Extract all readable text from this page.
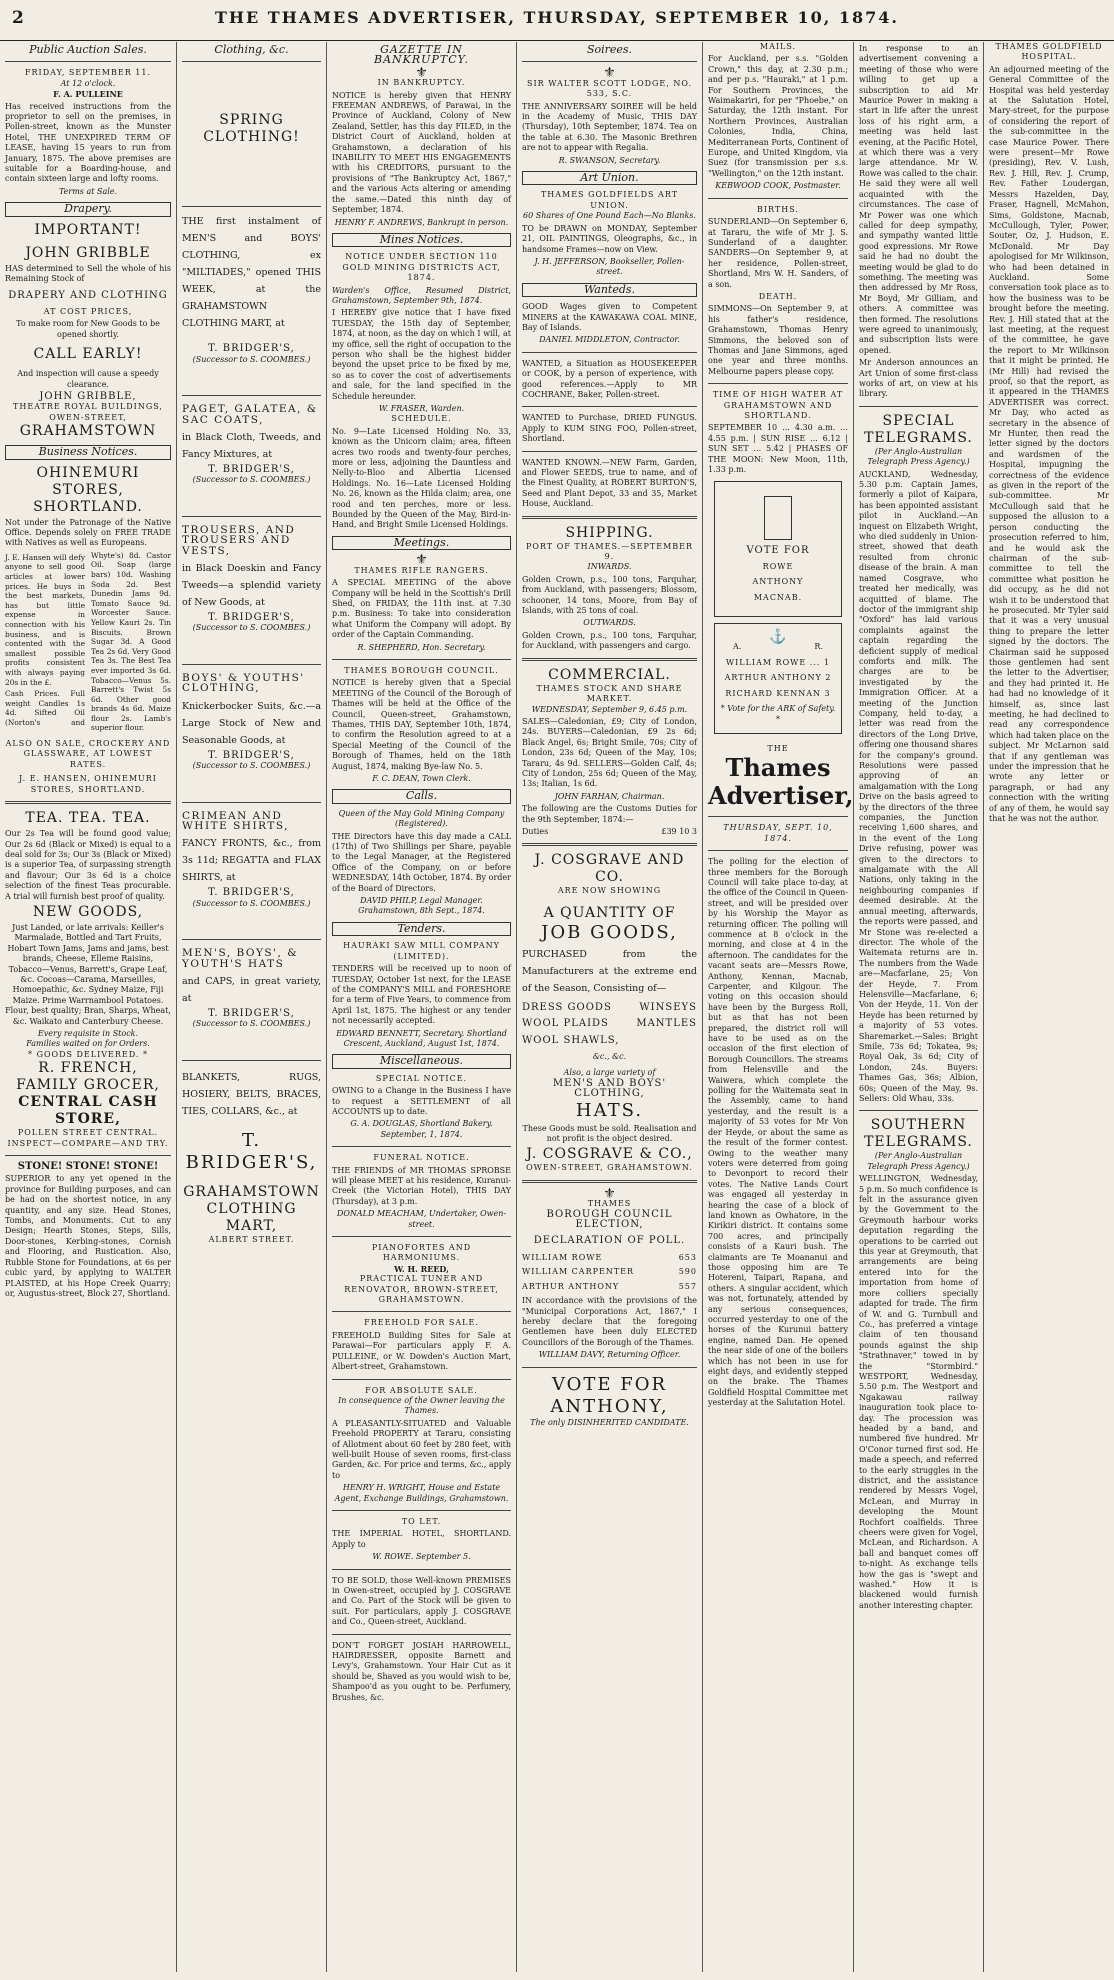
2	THE THAMES ADVERTISER, THURSDAY, SEPTEMBER 10, 1874.
Public Auction Sales.
FRIDAY, SEPTEMBER 11.
At 12 o'clock.
F. A. PULLEINE

Has received instructions from the proprietor to sell on the premises, in Pollen-street, known as the Munster Hotel, THE UNEXPIRED TERM OF LEASE, having 15 years to run from January, 1875. The above premises are suitable for a Boarding-house, and contain sixteen large and lofty rooms.

Terms at Sale.
Drapery.
IMPORTANT!
JOHN GRIBBLE

HAS determined to Sell the whole of his Remaining Stock of

DRAPERY AND CLOTHING
AT COST PRICES,

To make room for New Goods to be opened shortly.

CALL EARLY!

And inspection will cause a speedy clearance.

JOHN GRIBBLE,
THEATRE ROYAL BUILDINGS,
OWEN-STREET,
GRAHAMSTOWN
Business Notices.
OHINEMURI STORES, SHORTLAND.

Not under the Patronage of the Native Office. Depends solely on FREE TRADE with Natives as well as Europeans.

J. E. Hansen will defy anyone to sell good articles at lower prices. He buys in the best markets, has but little expense in connection with his business, and is contented with the smallest possible profits consistent with always paying 20s in the £.

Cash Prices. Full weight Candles 1s 4d. Sifted Oil (Norton's and Whyte's) 8d. Castor Oil. Soap (large bars) 10d. Washing Soda 2d. Best Dunedin Jams 9d. Tomato Sauce 9d. Worcester Sauce. Yellow Kauri 2s. Tin Biscuits. Brown Sugar 3d. A Good Tea 2s 6d. Very Good Tea 3s. The Best Tea ever imported 3s 6d. Tobacco—Venus 5s. Barrett's Twist 5s 6d. Other good brands 4s 6d. Maize flour 2s. Lamb's superior flour.

ALSO ON SALE, CROCKERY AND GLASSWARE, AT LOWEST RATES.
J. E. HANSEN, OHINEMURI STORES, SHORTLAND.
TEA. TEA. TEA.

Our 2s Tea will be found good value; Our 2s 6d (Black or Mixed) is equal to a deal sold for 3s; Our 3s (Black or Mixed) is a superior Tea, of surpassing strength and flavour; Our 3s 6d is a choice selection of the finest Teas procurable. A trial will furnish best proof of quality.

NEW GOODS,

Just Landed, or late arrivals: Keiller's Marmalade, Bottled and Tart Fruits, Hobart Town Jams, Jams and jams, best brands, Cheese, Elleme Raisins, Tobacco—Venus, Barrett's, Grape Leaf, &c. Cocoas—Carama, Marseilles, Homoepathic, &c. Sydney Maize, Fiji Maize. Prime Warrnambool Potatoes. Flour, best quality; Bran, Sharps, Wheat, &c. Waikato and Canterbury Cheese.

Every requisite in Stock.
Families waited on for Orders.
* GOODS DELIVERED. *
R. FRENCH,
FAMILY GROCER,
CENTRAL CASH STORE,
POLLEN STREET CENTRAL.
INSPECT—COMPARE—AND TRY.
STONE! STONE! STONE!

SUPERIOR to any yet opened in the province for Building purposes, and can be had on the shortest notice, in any quantity, and any size. Head Stones, Tombs, and Monuments. Cut to any Design; Hearth Stones, Steps, Sills, Door-stones, Kerbing-stones, Cornish and Flooring, and Rustication. Also, Rubble Stone for Foundations, at 6s per cubic yard, by applying to WALTER PLAISTED, at his Hope Creek Quarry; or, Augustus-street, Block 27, Shortland.

Clothing, &c.
SPRING CLOTHING!

THE first instalment of MEN'S and BOYS' CLOTHING, ex "MILTIADES," opened THIS WEEK, at the GRAHAMSTOWN CLOTHING MART, at

T. BRIDGER'S,
(Successor to S. COOMBES.)
PAGET, GALATEA, & SAC COATS,

in Black Cloth, Tweeds, and Fancy Mixtures, at

T. BRIDGER'S,
(Successor to S. COOMBES.)
TROUSERS, AND TROUSERS AND VESTS,

in Black Doeskin and Fancy Tweeds—a splendid variety of New Goods, at

T. BRIDGER'S,
(Successor to S. COOMBES.)
BOYS' & YOUTHS' CLOTHING,

Knickerbocker Suits, &c.—a Large Stock of New and Seasonable Goods, at

T. BRIDGER'S,
(Successor to S. COOMBES.)
CRIMEAN AND WHITE SHIRTS,

FANCY FRONTS, &c., from 3s 11d; REGATTA and FLAX SHIRTS, at

T. BRIDGER'S,
(Successor to S. COOMBES.)
MEN'S, BOYS', & YOUTH'S HATS

and CAPS, in great variety, at

T. BRIDGER'S,
(Successor to S. COOMBES.)

BLANKETS, RUGS, HOSIERY, BELTS, BRACES, TIES, COLLARS, &c., at

T. BRIDGER'S,
GRAHAMSTOWN
CLOTHING MART,
ALBERT STREET.
GAZETTE IN BANKRUPTCY.
⚜
IN BANKRUPTCY.

NOTICE is hereby given that HENRY FREEMAN ANDREWS, of Parawai, in the Province of Auckland, Colony of New Zealand, Settler, has this day FILED, in the District Court of Auckland, holden at Grahamstown, a declaration of his INABILITY TO MEET HIS ENGAGEMENTS with his CREDITORS, pursuant to the provisions of "The Bankruptcy Act, 1867," and the various Acts altering or amending the same.—Dated this ninth day of September, 1874.

HENRY F. ANDREWS, Bankrupt in person.
Mines Notices.
NOTICE UNDER SECTION 110 GOLD MINING DISTRICTS ACT, 1874.

Warden's Office, Resumed District, Grahamstown, September 9th, 1874.

I HEREBY give notice that I have fixed TUESDAY, the 15th day of September, 1874, at noon, as the day on which I will, at my office, sell the right of occupation to the person who shall be the highest bidder beyond the upset price to be fixed by me, so as to cover the cost of advertisements and sale, for the land specified in the Schedule hereunder.

W. FRASER, Warden.
SCHEDULE.

No. 9—Late Licensed Holding No. 33, known as the Unicorn claim; area, fifteen acres two roods and twenty-four perches, more or less, adjoining the Dauntless and Nelly-to-Bloo and Albertia Licensed Holdings. No. 16—Late Licensed Holding No. 26, known as the Hilda claim; area, one rood and ten perches, more or less. Bounded by the Queen of the May, Bird-in-Hand, and Bright Smile Licensed Holdings.

Meetings.
⚜
THAMES RIFLE RANGERS.

A SPECIAL MEETING of the above Company will be held in the Scottish's Drill Shed, on FRIDAY, the 11th inst. at 7.30 p.m. Business: To take into consideration what Uniform the Company will adopt. By order of the Captain Commanding.

R. SHEPHERD, Hon. Secretary.
THAMES BOROUGH COUNCIL.

NOTICE is hereby given that a Special MEETING of the Council of the Borough of Thames will be held at the Office of the Council, Queen-street, Grahamstown, Thames, THIS DAY, September 10th, 1874, to confirm the Resolution agreed to at a Special Meeting of the Council of the Borough of Thames, held on the 18th August, 1874, making Bye-law No. 5.

F. C. DEAN, Town Clerk.
Calls.
Queen of the May Gold Mining Company (Registered).

THE Directors have this day made a CALL (17th) of Two Shillings per Share, payable to the Legal Manager, at the Registered Office of the Company, on or before WEDNESDAY, 14th October, 1874. By order of the Board of Directors.

DAVID PHILP, Legal Manager. Grahamstown, 8th Sept., 1874.
Tenders.
HAURAKI SAW MILL COMPANY (LIMITED).

TENDERS will be received up to noon of TUESDAY, October 1st next, for the LEASE of the COMPANY'S MILL and FORESHORE for a term of Five Years, to commence from April 1st, 1875. The highest or any tender not necessarily accepted.

EDWARD BENNETT, Secretary. Shortland Crescent, Auckland, August 1st, 1874.
Miscellaneous.
SPECIAL NOTICE.

OWING to a Change in the Business I have to request a SETTLEMENT of all ACCOUNTS up to date.

G. A. DOUGLAS, Shortland Bakery. September, 1, 1874.
FUNERAL NOTICE.

THE FRIENDS of MR THOMAS SPROBSE will please MEET at his residence, Kuranui-Creek (the Victorian Hotel), THIS DAY (Thursday), at 3 p.m.

DONALD MEACHAM, Undertaker, Owen-street.
PIANOFORTES AND HARMONIUMS.
W. H. REED,
PRACTICAL TUNER AND RENOVATOR, BROWN-STREET, GRAHAMSTOWN.
FREEHOLD FOR SALE.

FREEHOLD Building Sites for Sale at Parawai—For particulars apply F. A. PULLEINE, or W. Dowden's Auction Mart, Albert-street, Grahamstown.

FOR ABSOLUTE SALE.
In consequence of the Owner leaving the Thames.

A PLEASANTLY-SITUATED and Valuable Freehold PROPERTY at Tararu, consisting of Allotment about 60 feet by 280 feet, with well-built House of seven rooms, first-class Garden, &c. For price and terms, &c., apply to

HENRY H. WRIGHT, House and Estate Agent, Exchange Buildings, Grahamstown.
TO LET.

THE IMPERIAL HOTEL, SHORTLAND. Apply to

W. ROWE. September 5.

TO BE SOLD, those Well-known PREMISES in Owen-street, occupied by J. COSGRAVE and Co. Part of the Stock will be given to suit. For particulars, apply J. COSGRAVE and Co., Queen-street, Auckland.

DON'T FORGET JOSIAH HARROWELL, HAIRDRESSER, opposite Barnett and Levy's, Grahamstown. Your Hair Cut as it should be, Shaved as you would wish to be, Shampoo'd as you ought to be. Perfumery, Brushes, &c.

Soirees.
⚜
SIR WALTER SCOTT LODGE, NO. 533, S.C.

THE ANNIVERSARY SOIREE will be held in the Academy of Music, THIS DAY (Thursday), 10th September, 1874. Tea on the table at 6.30. The Masonic Brethren are not to appear with Regalia.

R. SWANSON, Secretary.
Art Union.
THAMES GOLDFIELDS ART UNION.
60 Shares of One Pound Each—No Blanks.

TO be DRAWN on MONDAY, September 21, OIL PAINTINGS, Oleographs, &c., in handsome Frames—now on View.

J. H. JEFFERSON, Bookseller, Pollen-street.
Wanteds.

GOOD Wages given to Competent MINERS at the KAWAKAWA COAL MINE, Bay of Islands.

DANIEL MIDDLETON, Contractor.

WANTED, a Situation as HOUSEKEEPER or COOK, by a person of experience, with good references.—Apply to MR COCHRANE, Baker, Pollen-street.

WANTED to Purchase, DRIED FUNGUS. Apply to KUM SING FOO, Pollen-street, Shortland.

WANTED KNOWN.—NEW Farm, Garden, and Flower SEEDS, true to name, and of the Finest Quality, at ROBERT BURTON'S, Seed and Plant Depot, 33 and 35, Market House, Auckland.

SHIPPING.
PORT OF THAMES.—SEPTEMBER 9.
INWARDS.

Golden Crown, p.s., 100 tons, Farquhar, from Auckland, with passengers; Blossom, schooner, 14 tons, Moore, from Bay of Islands, with 25 tons of coal.

OUTWARDS.

Golden Crown, p.s., 100 tons, Farquhar, for Auckland, with passengers and cargo.

COMMERCIAL.
THAMES STOCK AND SHARE MARKET.
WEDNESDAY, September 9, 6.45 p.m.

SALES—Caledonian, £9; City of London, 24s. BUYERS—Caledonian, £9 2s 6d; Black Angel, 6s; Bright Smile, 70s; City of London, 23s 6d; Queen of the May, 10s; Tararu, 4s 9d. SELLERS—Golden Calf, 4s; City of London, 25s 6d; Queen of the May, 13s; Italian, 1s 6d.

JOHN FARHAN, Chairman.

The following are the Customs Duties for the 9th September, 1874:—

Duties	£39 10 3
J. COSGRAVE AND CO.
ARE NOW SHOWING
A QUANTITY OF
JOB GOODS,

PURCHASED from the Manufacturers at the extreme end of the Season, Consisting of—

DRESS GOODS	WINSEYS
WOOL PLAIDS	MANTLES
WOOL SHAWLS,
&c., &c.
Also, a large variety of
MEN'S AND BOYS' CLOTHING,
HATS.

These Goods must be sold. Realisation and not profit is the object desired.

J. COSGRAVE & CO.,
OWEN-STREET, GRAHAMSTOWN.
⚜
THAMES
BOROUGH COUNCIL ELECTION,
DECLARATION OF POLL.
WILLIAM ROWE	653
WILLIAM CARPENTER	590
ARTHUR ANTHONY	557

IN accordance with the provisions of the "Municipal Corporations Act, 1867," I hereby declare that the foregoing Gentlemen have been duly ELECTED Councillors of the Borough of the Thames.

WILLIAM DAVY, Returning Officer.
VOTE FOR
ANTHONY,
The only DISINHERITED CANDIDATE.
MAILS.

For Auckland, per s.s. "Golden Crown," this day, at 2.30 p.m.; and per p.s. "Hauraki," at 1 p.m. For Southern Provinces, the Waimakariri, for per "Phoebe," on Saturday, the 12th instant. For Northern Provinces, Australian Colonies, India, China, Mediterranean Ports, Continent of Europe, and United Kingdom, via Suez (for transmission per s.s. "Wellington," on the 12th instant.

KEBWOOD COOK, Postmaster.
BIRTHS.

SUNDERLAND—On September 6, at Tararu, the wife of Mr J. S. Sunderland of a daughter. SANDERS—On September 9, at her residence, Pollen-street, Shortland, Mrs W. H. Sanders, of a son.

DEATH.

SIMMONS—On September 9, at his father's residence, Grahamstown, Thomas Henry Simmons, the beloved son of Thomas and Jane Simmons, aged one year and three months. Melbourne papers please copy.

TIME OF HIGH WATER AT GRAHAMSTOWN AND SHORTLAND.

SEPTEMBER 10 ... 4.30 a.m. ... 4.55 p.m. | SUN RISE ... 6.12 | SUN SET ... 5.42 | PHASES OF THE MOON: New Moon, 11th, 1.33 p.m.

VOTE FOR
ROWE
ANTHONY
MACNAB.
⚓
A.	R.
WILLIAM ROWE ... 1
ARTHUR ANTHONY 2
RICHARD KENNAN 3
* Vote for the ARK of Safety. *
THE
Thames Advertiser,
THURSDAY, SEPT. 10, 1874.

The polling for the election of three members for the Borough Council will take place to-day, at the office of the Council in Queen-street, and will be presided over by his Worship the Mayor as returning officer. The polling will commence at 8 o'clock in the morning, and close at 4 in the afternoon. The candidates for the vacant seats are—Messrs Rowe, Anthony, Kennan, Macnab, Carpenter, and Kilgour. The voting on this occasion should have been by the Burgess Roll, but as that has not been prepared, the district roll will have to be used as on the occasion of the first election of Borough Councillors. The streams from Helensville and the Waiwera, which complete the polling for the Waitemata seat in the Assembly, came to hand yesterday, and the result is a majority of 53 votes for Mr Von der Heyde, or about the same as the result of the former contest. Owing to the weather many voters were deterred from going to Devonport to record their votes. The Native Lands Court was engaged all yesterday in hearing the case of a block of land known as Owhatore, in the Kirikiri district. It contains some 700 acres, and principally consists of a Kauri bush. The claimants are Te Moananui and those opposing him are Te Hotereni, Taipari, Rapana, and others. A singular accident, which was not, fortunately, attended by any serious consequences, occurred yesterday to one of the horses of the Kurunui battery engine, named Dan. He opened the near side of one of the boilers which has not been in use for eight days, and evidently stepped on the brake. The Thames Goldfield Hospital Committee met yesterday at the Salutation Hotel.

In response to an advertisement convening a meeting of those who were willing to get up a subscription to aid Mr Maurice Power in making a start in life after the unrest loss of his right arm, a meeting was held last evening, at the Pacific Hotel, at which there was a very large attendance. Mr W. Rowe was called to the chair. He said they were all well acquainted with the circumstances. The case of Mr Power was one which called for deep sympathy, and sympathy wanted little good expressions. Mr Rowe said he had no doubt the meeting would be glad to do something. The meeting was then addressed by Mr Ross, Mr Boyd, Mr Gilliam, and others. A committee was then formed. The resolutions were agreed to unanimously, and subscription lists were opened.

Mr Anderson announces an Art Union of some first-class works of art, on view at his library.

SPECIAL TELEGRAMS.
(Per Anglo-Australian Telegraph Press Agency.)

AUCKLAND, Wednesday, 5.30 p.m. Captain James, formerly a pilot of Kaipara, has been appointed assistant pilot in Auckland.—An inquest on Elizabeth Wright, who died suddenly in Union-street, showed that death resulted from chronic disease of the brain. A man named Cosgrave, who treated her medically, was acquitted of blame. The doctor of the immigrant ship "Oxford" has laid various complaints against the captain regarding the deficient supply of medical comforts and milk. The charges are to be investigated by the Immigration Officer. At a meeting of the Junction Company, held to-day, a letter was read from the directors of the Long Drive, offering one thousand shares for the company's ground. Resolutions were passed approving of an amalgamation with the Long Drive on the basis agreed to by the directors of the three companies, the Junction receiving 1,600 shares, and in the event of the Long Drive refusing, power was given to the directors to amalgamate with the All Nations, only taking in the neighbouring companies if deemed desirable. At the annual meeting, afterwards, the reports were passed, and Mr Stone was re-elected a director. The whole of the Waitemata returns are in. The numbers from the Wade are—Macfarlane, 25; Von der Heyde, 7. From Helensville—Macfarlane, 6; Von der Heyde, 11. Von der Heyde has been returned by a majority of 53 votes. Sharemarket.—Sales: Bright Smile, 73s 6d; Tokatea, 9s; Royal Oak, 3s 6d; City of London, 24s. Buyers: Thames Gas, 36s; Albion, 60s; Queen of the May, 9s. Sellers: Old Whau, 33s.

SOUTHERN TELEGRAMS.
(Per Anglo-Australian Telegraph Press Agency.)

WELLINGTON, Wednesday, 5 p.m. So much confidence is felt in the assurance given by the Government to the Greymouth harbour works deputation regarding the operations to be carried out this year at Greymouth, that arrangements are being entered into for the importation from home of more colliers specially adapted for trade. The firm of W. and G. Turnbull and Co., has preferred a vintage claim of ten thousand pounds against the ship "Strathnaver," towed in by the "Stormbird." WESTPORT, Wednesday, 5.50 p.m. The Westport and Ngakawau railway inauguration took place to-day. The procession was headed by a band, and numbered five hundred. Mr O'Conor turned first sod. He made a speech, and referred to the early struggles in the district, and the assistance rendered by Messrs Vogel, McLean, and Murray in developing the Mount Rochfort coalfields. Three cheers were given for Vogel, McLean, and Richardson. A ball and banquet comes off to-night. As exchange tells how the gas is "swept and washed." How it is blackened would furnish another interesting chapter.

THAMES GOLDFIELD HOSPITAL.

An adjourned meeting of the General Committee of the Hospital was held yesterday at the Salutation Hotel, Mary-street, for the purpose of considering the report of the sub-committee in the case Maurice Power. There were present—Mr Rowe (presiding), Rev. V. Lush, Rev. J. Hill, Rev. J. Crump, Rev. Father Loudergan, Messrs Hazelden, Day, Fraser, Hagnell, McMahon, Sims, Goldstone, Macnab, McCullough, Tyler, Power, Souter, Oz, J. Hudson, E. McDonald. Mr Day apologised for Mr Wilkinson, who had been detained in Auckland. Some conversation took place as to how the business was to be brought before the meeting. Rev. J. Hill stated that at the last meeting, at the request of the committee, he gave the report to Mr Wilkinson that it might be printed. He (Mr Hill) had revised the proof, so that the report, as it appeared in the THAMES ADVERTISER was correct. Mr Day, who acted as secretary in the absence of Mr Hunter, then read the letter signed by the doctors and wardsmen of the Hospital, impugning the correctness of the evidence as given in the report of the sub-committee. Mr McCullough said that he supposed the allusion to a person conducting the prosecution referred to him, and he would ask the chairman of the sub-committee to tell the committee what position he did occupy, as he did not wish it to be understood that he prosecuted. Mr Tyler said that it was a very unusual thing to prepare the letter signed by the doctors. The Chairman said he supposed those gentlemen had sent the letter to the Advertiser, and they had printed it. He had had no knowledge of it himself, as, since last meeting, he had declined to read any correspondence which had taken place on the subject. Mr McLarnon said that if any gentleman was under the impression that he wrote any letter or paragraph, or had any connection with the writing of any of them, he would say that he was not the author.
